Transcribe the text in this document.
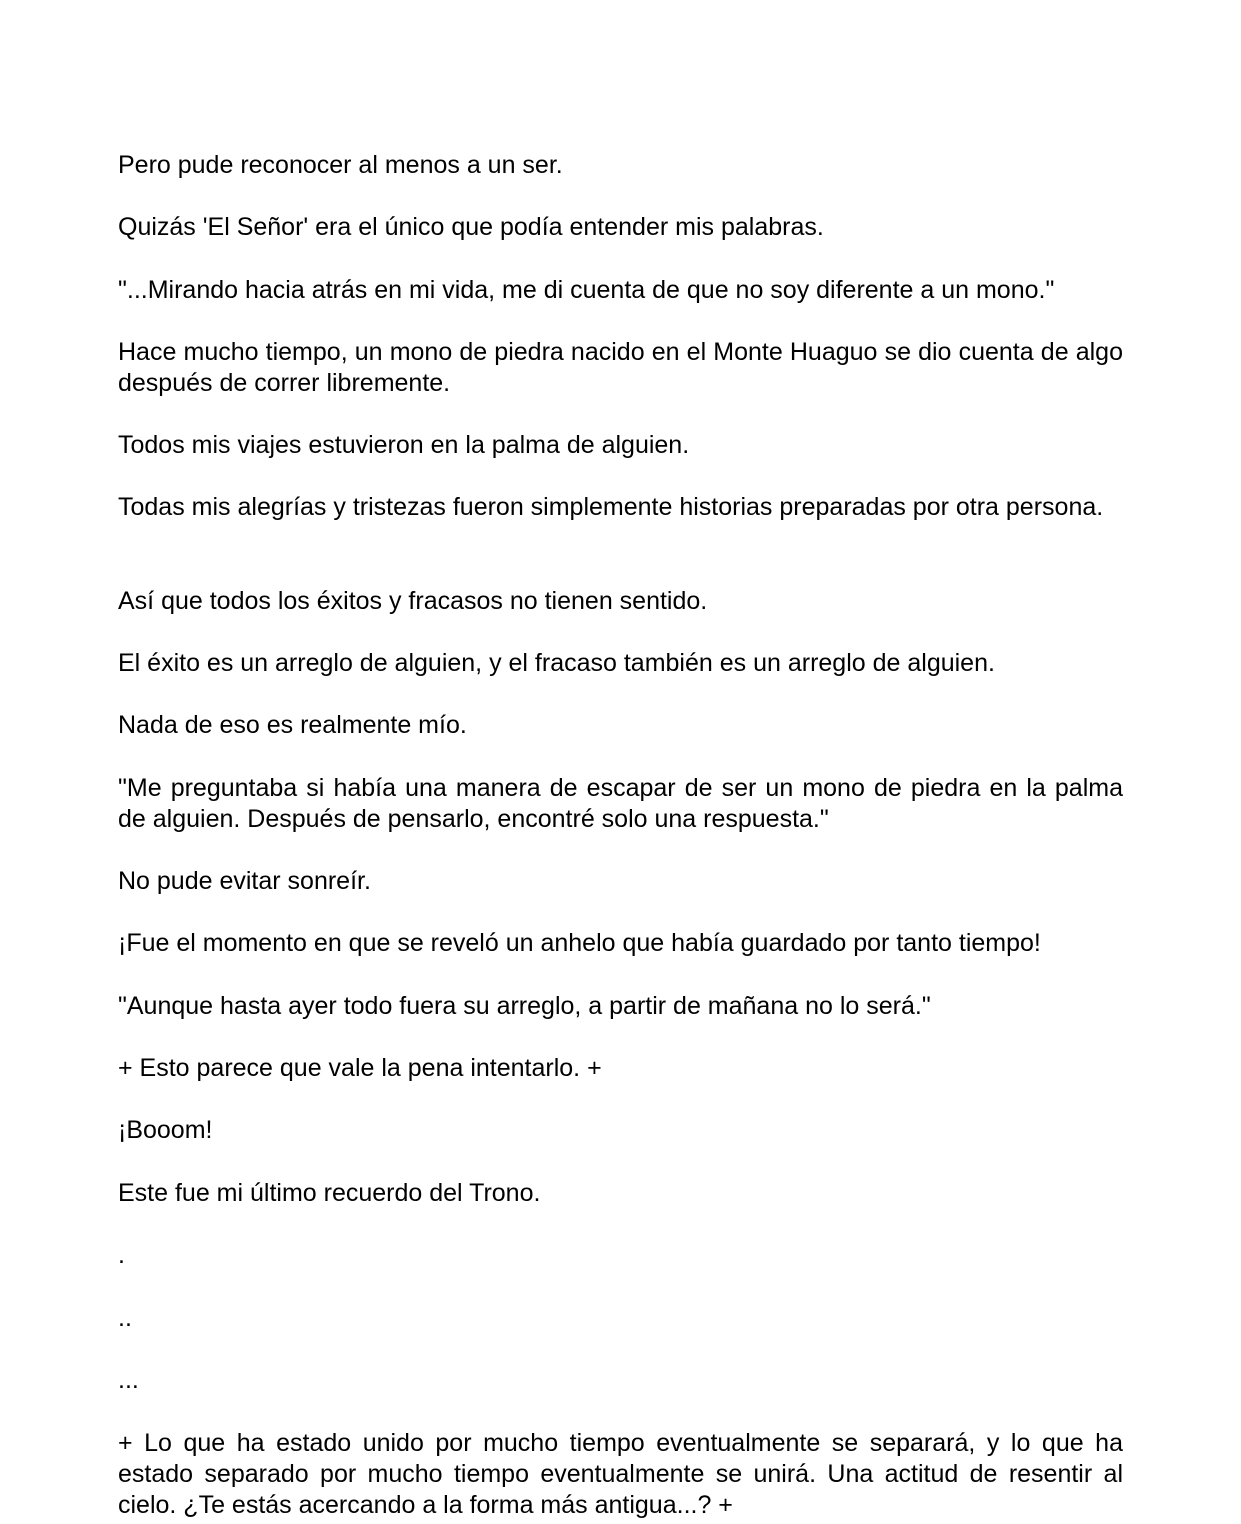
Pero pude reconocer al menos a un ser.

Quizás 'El Señor' era el único que podía entender mis palabras.

"...Mirando hacia atrás en mi vida, me di cuenta de que no soy diferente a un mono."

Hace mucho tiempo, un mono de piedra nacido en el Monte Huaguo se dio cuenta de algo después de correr libremente.

Todos mis viajes estuvieron en la palma de alguien.

Todas mis alegrías y tristezas fueron simplemente historias preparadas por otra persona.

Así que todos los éxitos y fracasos no tienen sentido.

El éxito es un arreglo de alguien, y el fracaso también es un arreglo de alguien.

Nada de eso es realmente mío.

"Me preguntaba si había una manera de escapar de ser un mono de piedra en la palma de alguien. Después de pensarlo, encontré solo una respuesta."

No pude evitar sonreír.

¡Fue el momento en que se reveló un anhelo que había guardado por tanto tiempo!

"Aunque hasta ayer todo fuera su arreglo, a partir de mañana no lo será."

+ Esto parece que vale la pena intentarlo. +

¡Booom!

Este fue mi último recuerdo del Trono.

.

..

...

+ Lo que ha estado unido por mucho tiempo eventualmente se separará, y lo que ha estado separado por mucho tiempo eventualmente se unirá. Una actitud de resentir al cielo. ¿Te estás acercando a la forma más antigua...? +
